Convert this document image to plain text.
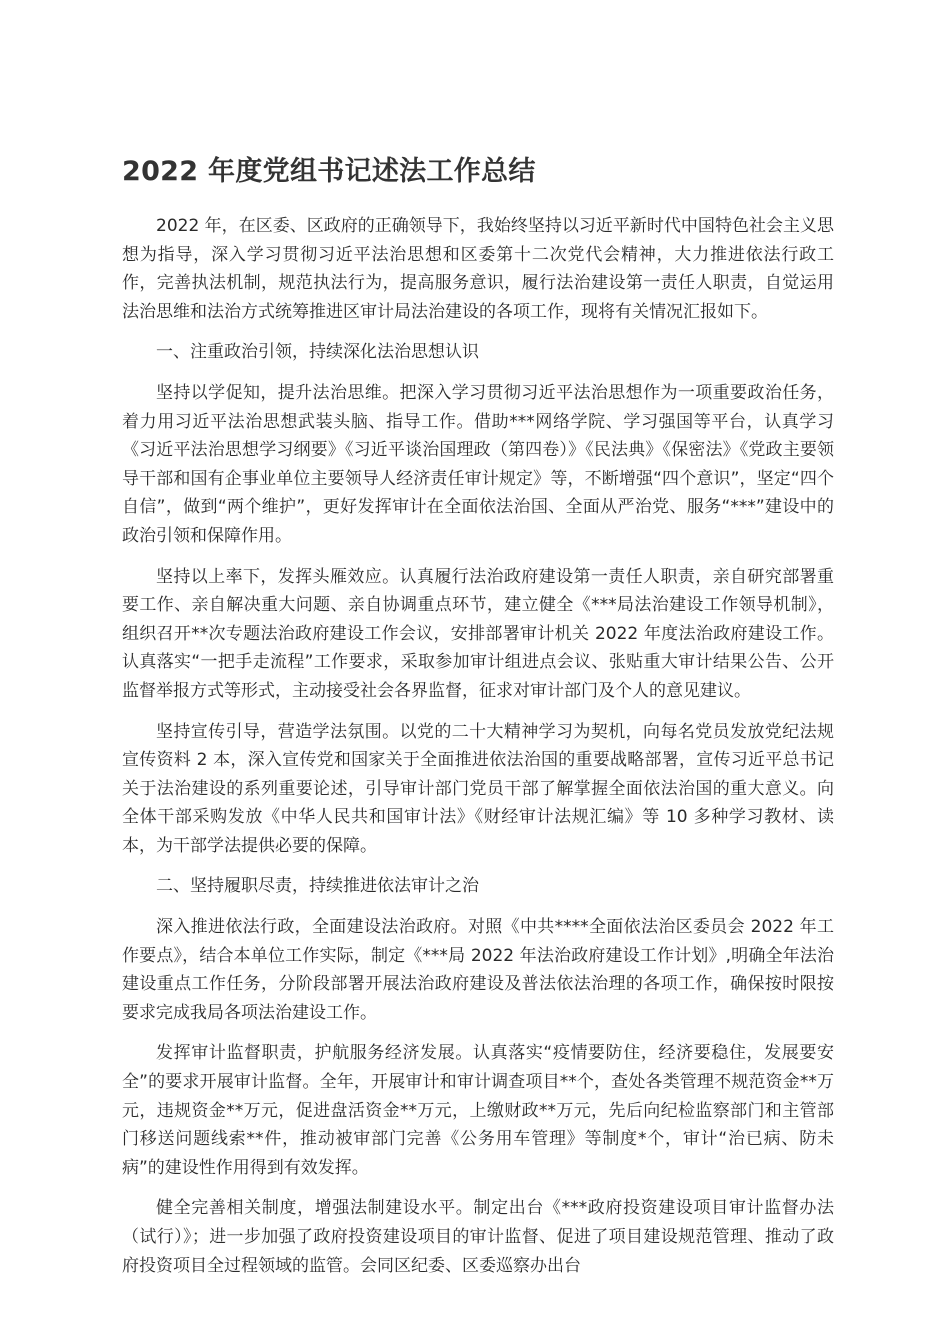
2022 年度党组书记述法工作总结

2022 年，在区委、区政府的正确领导下，我始终坚持以习近平新时代中国特色社会主义思想为指导，深入学习贯彻习近平法治思想和区委第十二次党代会精神，大力推进依法行政工作，完善执法机制，规范执法行为，提高服务意识，履行法治建设第一责任人职责，自觉运用法治思维和法治方式统筹推进区审计局法治建设的各项工作，现将有关情况汇报如下。

一、注重政治引领，持续深化法治思想认识

坚持以学促知，提升法治思维。把深入学习贯彻习近平法治思想作为一项重要政治任务，着力用习近平法治思想武装头脑、指导工作。借助***网络学院、学习强国等平台，认真学习《习近平法治思想学习纲要》《习近平谈治国理政（第四卷）》《民法典》《保密法》《党政主要领导干部和国有企事业单位主要领导人经济责任审计规定》等，不断增强“四个意识”，坚定“四个自信”，做到“两个维护”，更好发挥审计在全面依法治国、全面从严治党、服务“***”建设中的政治引领和保障作用。

坚持以上率下，发挥头雁效应。认真履行法治政府建设第一责任人职责，亲自研究部署重要工作、亲自解决重大问题、亲自协调重点环节，建立健全《***局法治建设工作领导机制》，组织召开**次专题法治政府建设工作会议，安排部署审计机关 2022 年度法治政府建设工作。认真落实“一把手走流程”工作要求，采取参加审计组进点会议、张贴重大审计结果公告、公开监督举报方式等形式，主动接受社会各界监督，征求对审计部门及个人的意见建议。

坚持宣传引导，营造学法氛围。以党的二十大精神学习为契机，向每名党员发放党纪法规宣传资料 2 本，深入宣传党和国家关于全面推进依法治国的重要战略部署，宣传习近平总书记关于法治建设的系列重要论述，引导审计部门党员干部了解掌握全面依法治国的重大意义。向全体干部采购发放《中华人民共和国审计法》《财经审计法规汇编》等 10 多种学习教材、读本，为干部学法提供必要的保障。

二、坚持履职尽责，持续推进依法审计之治

深入推进依法行政，全面建设法治政府。对照《中共****全面依法治区委员会 2022 年工作要点》，结合本单位工作实际，制定《***局 2022 年法治政府建设工作计划》,明确全年法治建设重点工作任务，分阶段部署开展法治政府建设及普法依法治理的各项工作，确保按时限按要求完成我局各项法治建设工作。

发挥审计监督职责，护航服务经济发展。认真落实“疫情要防住，经济要稳住，发展要安全”的要求开展审计监督。全年，开展审计和审计调查项目**个，查处各类管理不规范资金**万元，违规资金**万元，促进盘活资金**万元，上缴财政**万元，先后向纪检监察部门和主管部门移送问题线索**件，推动被审部门完善《公务用车管理》等制度*个，审计“治已病、防未病”的建设性作用得到有效发挥。

健全完善相关制度，增强法制建设水平。制定出台《***政府投资建设项目审计监督办法（试行）》；进一步加强了政府投资建设项目的审计监督、促进了项目建设规范管理、推动了政府投资项目全过程领域的监管。会同区纪委、区委巡察办出台
